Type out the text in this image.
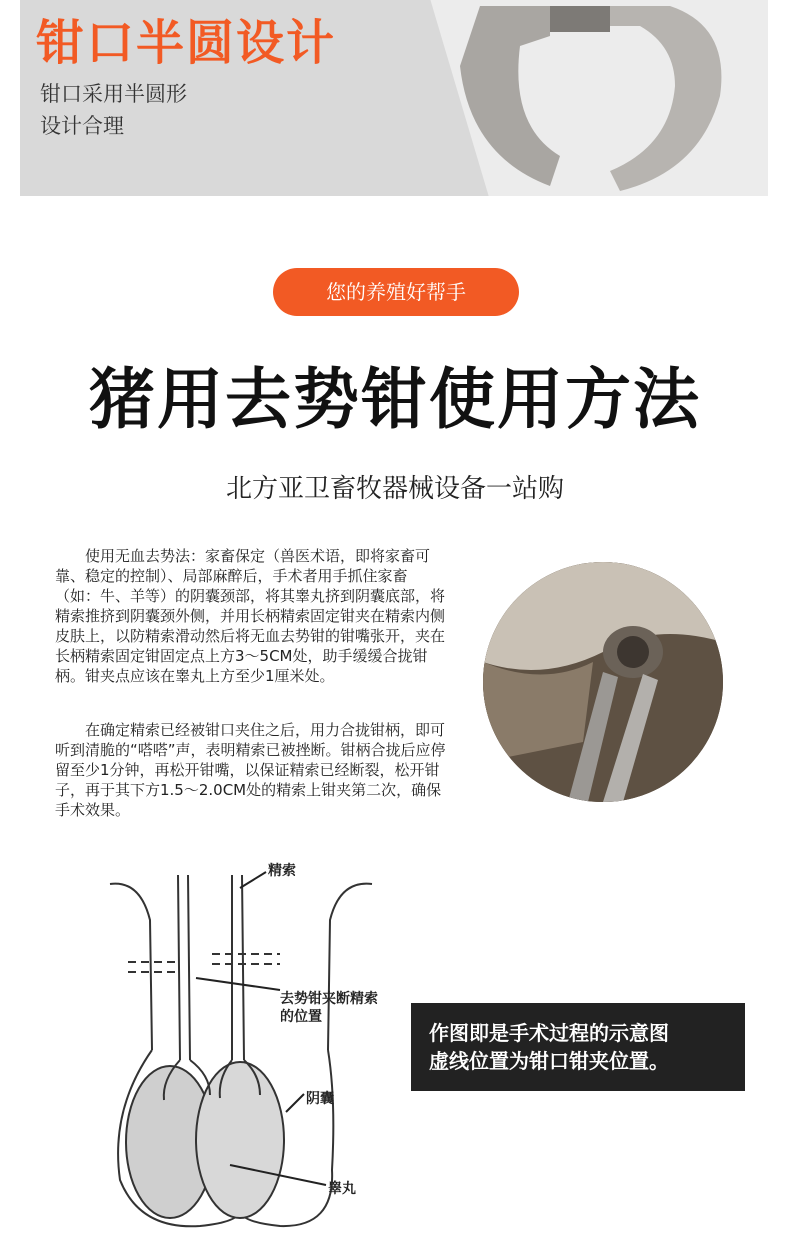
钳口半圆设计
钳口采用半圆形
设计合理
您的养殖好帮手
猪用去势钳使用方法
北方亚卫畜牧器械设备一站购
使用无血去势法：家畜保定（兽医术语，即将家畜可靠、稳定的控制）、局部麻醉后，手术者用手抓住家畜（如：牛、羊等）的阴囊颈部，将其睾丸挤到阴囊底部，将精索推挤到阴囊颈外侧，并用长柄精索固定钳夹在精索内侧皮肤上，以防精索滑动然后将无血去势钳的钳嘴张开，夹在长柄精索固定钳固定点上方3～5CM处，助手缓缓合拢钳柄。钳夹点应该在睾丸上方至少1厘米处。
在确定精索已经被钳口夹住之后，用力合拢钳柄，即可听到清脆的“嗒嗒”声，表明精索已被挫断。钳柄合拢后应停留至少1分钟，再松开钳嘴，以保证精索已经断裂，松开钳子，再于其下方1.5～2.0CM处的精索上钳夹第二次，确保手术效果。
精索
去势钳夹断精索
的位置
阴囊
睾丸
作图即是手术过程的示意图
虚线位置为钳口钳夹位置。
